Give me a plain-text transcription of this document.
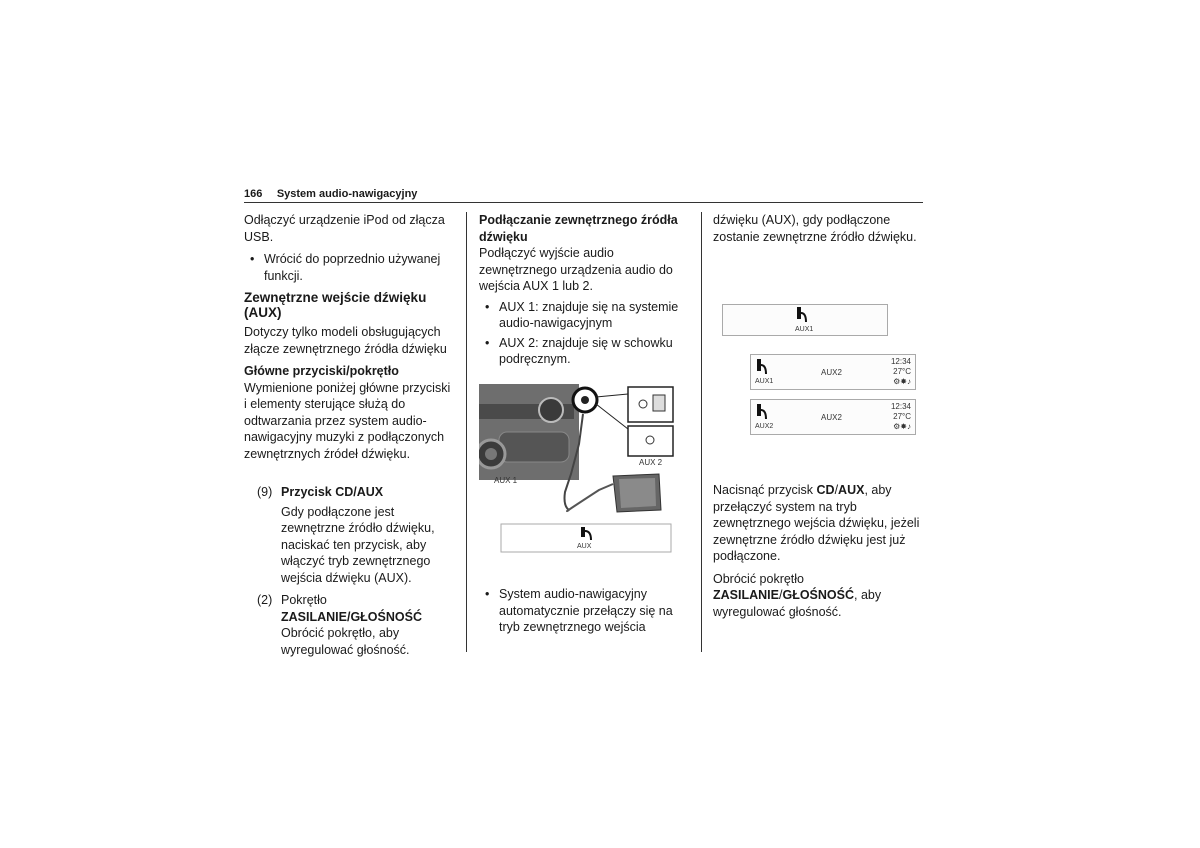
166 System audio-nawigacyjny

Odłączyć urządzenie iPod od złącza USB.

• Wrócić do poprzednio używanej funkcji.
Zewnętrzne wejście dźwięku (AUX)

Dotyczy tylko modeli obsługujących złącze zewnętrznego źródła dźwięku

Główne przyciski/pokrętło

Wymienione poniżej główne przyciski i elementy sterujące służą do odtwarzania przez system audio-nawigacyjny muzyki z podłączonych zewnętrznych źródeł dźwięku.

(9) Przycisk CD/AUX
Gdy podłączone jest zewnętrzne źródło dźwięku, naciskać ten przycisk, aby włączyć tryb zewnętrznego wejścia dźwięku (AUX).
(2) Pokrętło
ZASILANIE/GŁOŚNOŚĆ
Obrócić pokrętło, aby wyregulować głośność.
Podłączanie zewnętrznego źródła dźwięku

Podłączyć wyjście audio zewnętrznego urządzenia audio do wejścia AUX 1 lub 2.

• AUX 1: znajduje się na systemie audio-nawigacyjnym
• AUX 2: znajduje się w schowku podręcznym.
AUX 1
AUX 2
AUX
• System audio-nawigacyjny automatycznie przełączy się na tryb zewnętrznego wejścia

dźwięku (AUX), gdy podłączone zostanie zewnętrzne źródło dźwięku.

AUX1
AUX1
AUX2
12:34
27°C
⚙✸♪
AUX2
AUX2
12:34
27°C
⚙✸♪

Nacisnąć przycisk CD/AUX, aby przełączyć system na tryb zewnętrznego wejścia dźwięku, jeżeli zewnętrzne źródło dźwięku jest już podłączone.

Obrócić pokrętło
ZASILANIE/GŁOŚNOŚĆ, aby wyregulować głośność.
